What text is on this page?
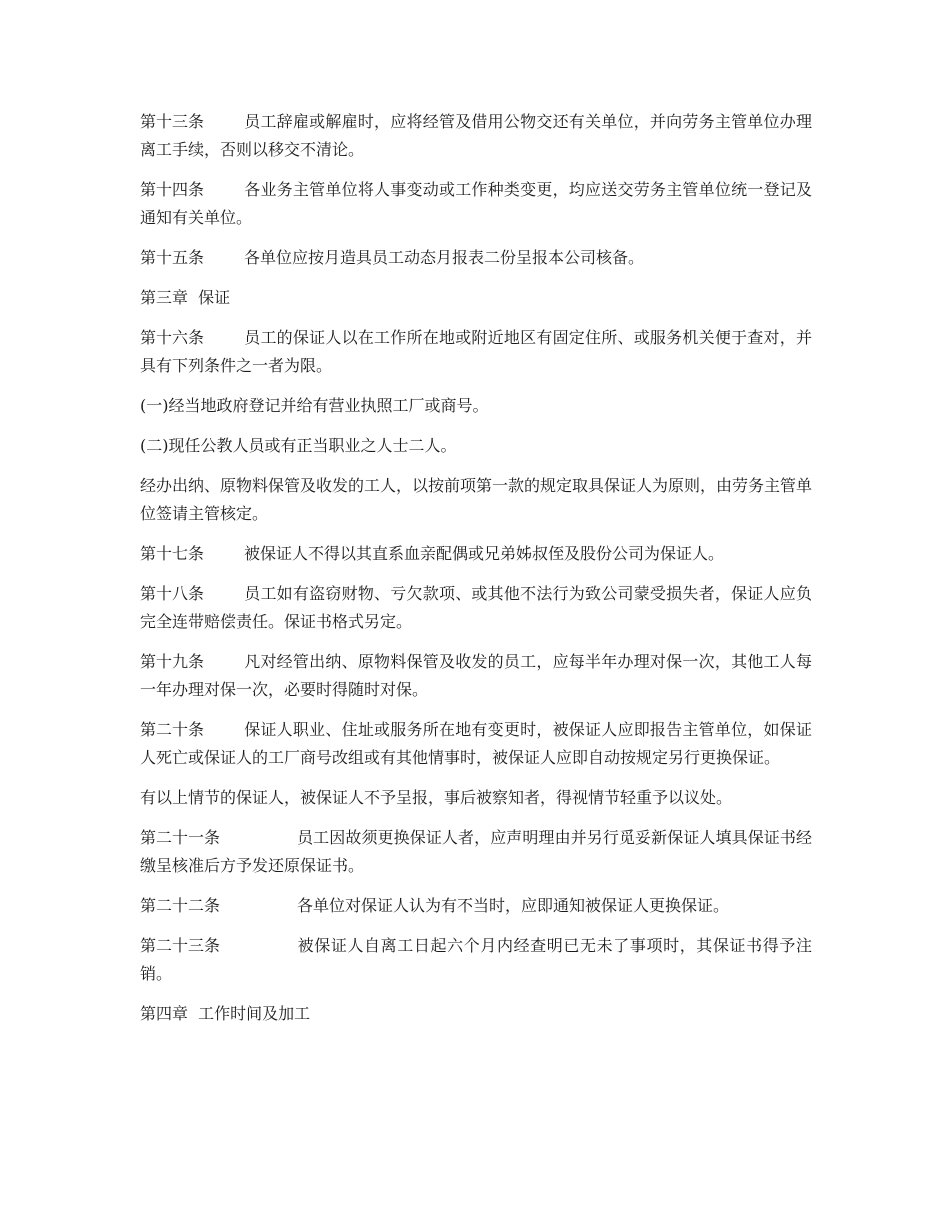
第十三条 员工辞雇或解雇时，应将经管及借用公物交还有关单位，并向劳务主管单位办理离工手续，否则以移交不清论。

第十四条 各业务主管单位将人事变动或工作种类变更，均应送交劳务主管单位统一登记及通知有关单位。

第十五条 各单位应按月造具员工动态月报表二份呈报本公司核备。

第三章  保证

第十六条 员工的保证人以在工作所在地或附近地区有固定住所、或服务机关便于查对，并具有下列条件之一者为限。

(一)经当地政府登记并给有营业执照工厂或商号。

(二)现任公教人员或有正当职业之人士二人。

经办出纳、原物料保管及收发的工人，以按前项第一款的规定取具保证人为原则，由劳务主管单位签请主管核定。

第十七条 被保证人不得以其直系血亲配偶或兄弟姊叔侄及股份公司为保证人。

第十八条 员工如有盗窃财物、亏欠款项、或其他不法行为致公司蒙受损失者，保证人应负完全连带赔偿责任。保证书格式另定。

第十九条 凡对经管出纳、原物料保管及收发的员工，应每半年办理对保一次，其他工人每一年办理对保一次，必要时得随时对保。

第二十条 保证人职业、住址或服务所在地有变更时，被保证人应即报告主管单位，如保证人死亡或保证人的工厂商号改组或有其他情事时，被保证人应即自动按规定另行更换保证。

有以上情节的保证人，被保证人不予呈报，事后被察知者，得视情节轻重予以议处。

第二十一条	员工因故须更换保证人者，应声明理由并另行觅妥新保证人填具保证书经缴呈核准后方予发还原保证书。

第二十二条	各单位对保证人认为有不当时，应即通知被保证人更换保证。

第二十三条	被保证人自离工日起六个月内经查明已无未了事项时，其保证书得予注销。

第四章  工作时间及加工
